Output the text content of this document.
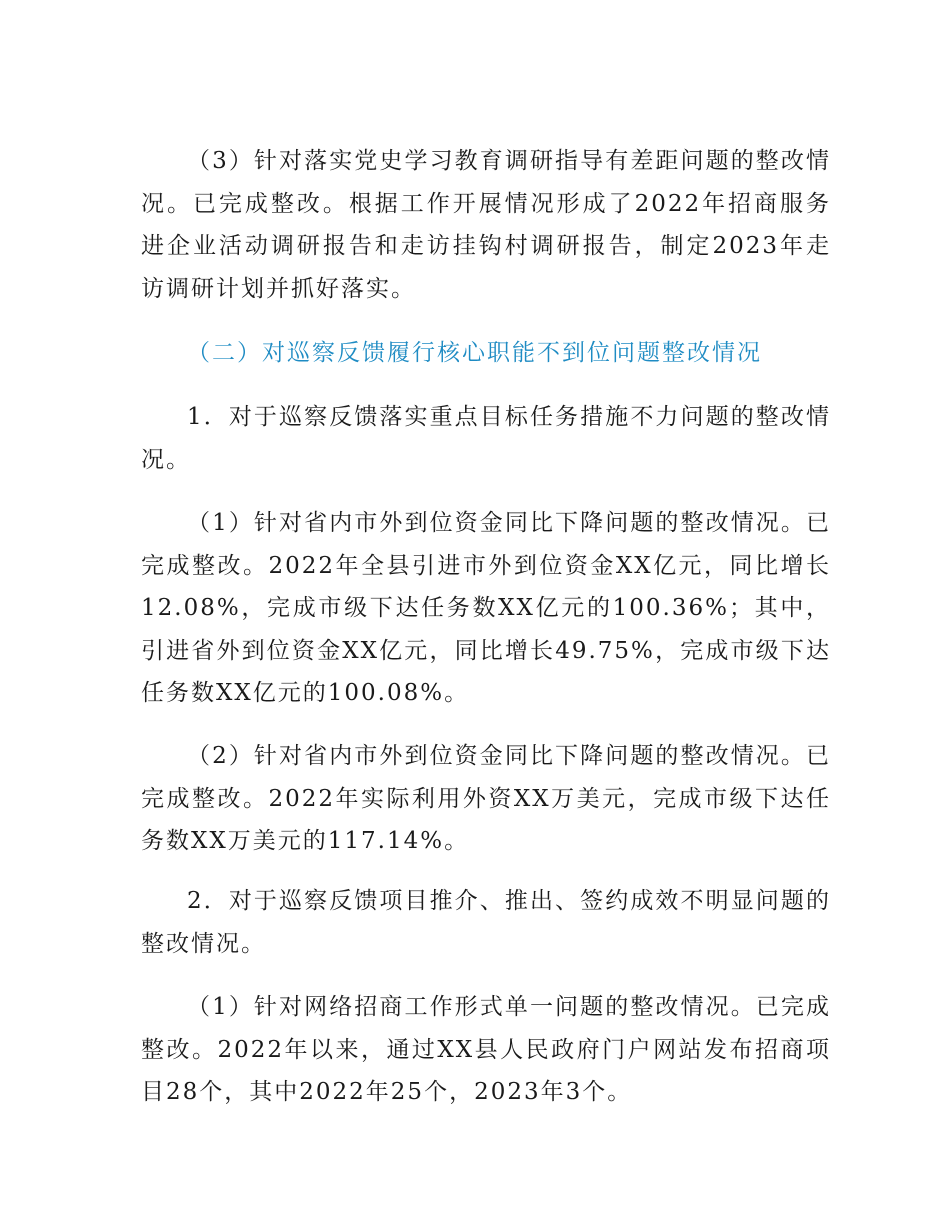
（3）针对落实党史学习教育调研指导有差距问题的整改情况。已完成整改。根据工作开展情况形成了2022年招商服务进企业活动调研报告和走访挂钩村调研报告，制定2023年走访调研计划并抓好落实。

（二）对巡察反馈履行核心职能不到位问题整改情况

1．对于巡察反馈落实重点目标任务措施不力问题的整改情况。

（1）针对省内市外到位资金同比下降问题的整改情况。已完成整改。2022年全县引进市外到位资金XX亿元，同比增长12.08%，完成市级下达任务数XX亿元的100.36%；其中，引进省外到位资金XX亿元，同比增长49.75%，完成市级下达任务数XX亿元的100.08%。

（2）针对省内市外到位资金同比下降问题的整改情况。已完成整改。2022年实际利用外资XX万美元，完成市级下达任务数XX万美元的117.14%。

2．对于巡察反馈项目推介、推出、签约成效不明显问题的整改情况。

（1）针对网络招商工作形式单一问题的整改情况。已完成整改。2022年以来，通过XX县人民政府门户网站发布招商项目28个，其中2022年25个，2023年3个。
